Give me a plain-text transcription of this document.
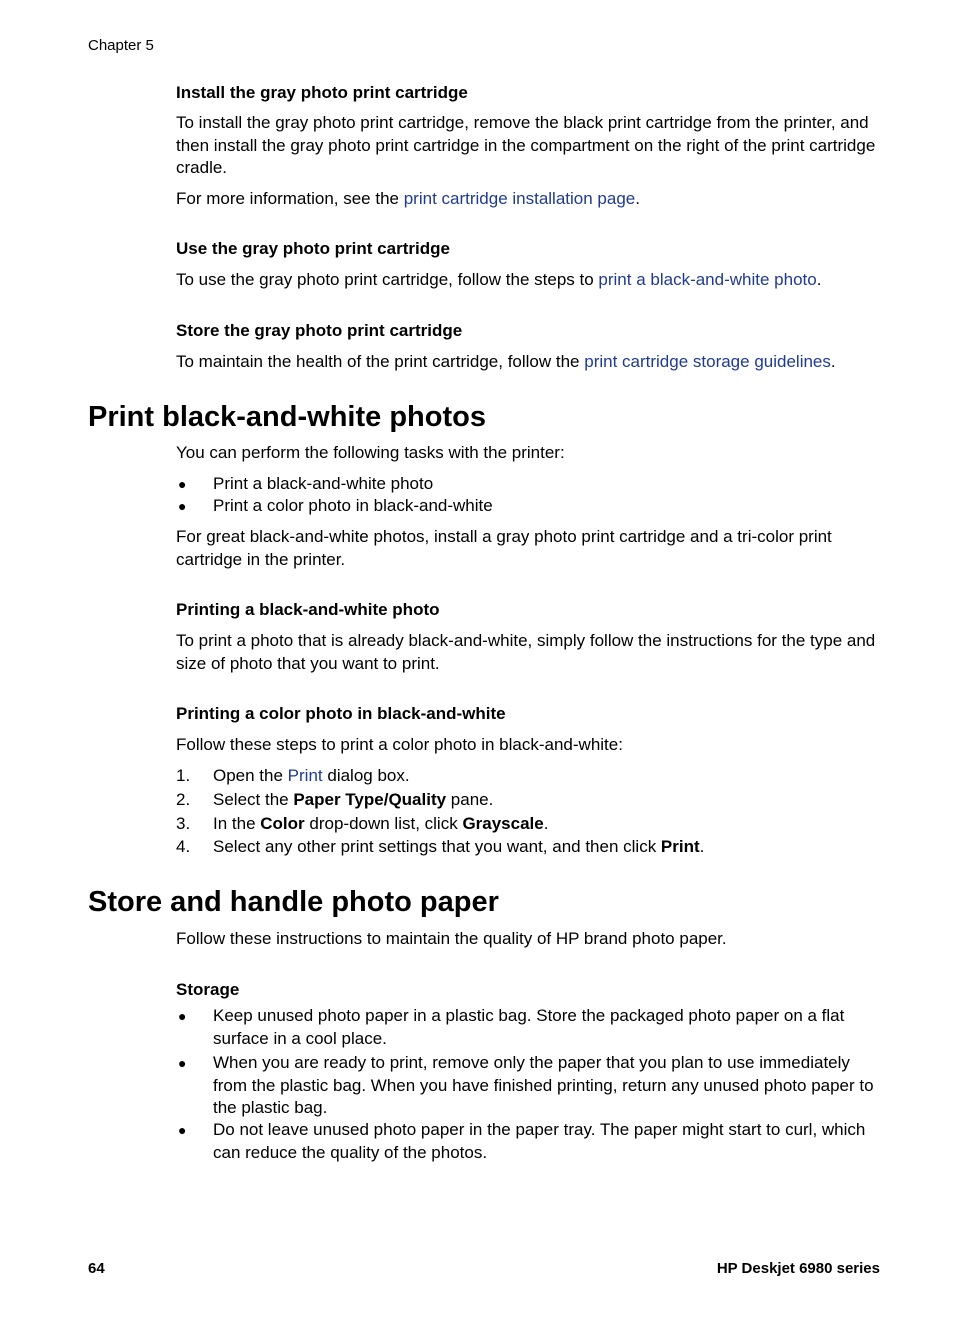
Chapter 5
Install the gray photo print cartridge
To install the gray photo print cartridge, remove the black print cartridge from the printer, and then install the gray photo print cartridge in the compartment on the right of the print cartridge cradle.
For more information, see the print cartridge installation page.
Use the gray photo print cartridge
To use the gray photo print cartridge, follow the steps to print a black-and-white photo.
Store the gray photo print cartridge
To maintain the health of the print cartridge, follow the print cartridge storage guidelines.
Print black-and-white photos
You can perform the following tasks with the printer:
● Print a black-and-white photo
● Print a color photo in black-and-white
For great black-and-white photos, install a gray photo print cartridge and a tri-color print cartridge in the printer.
Printing a black-and-white photo
To print a photo that is already black-and-white, simply follow the instructions for the type and size of photo that you want to print.
Printing a color photo in black-and-white
Follow these steps to print a color photo in black-and-white:
1.	Open the Print dialog box.
2.	Select the Paper Type/Quality pane.
3.	In the Color drop-down list, click Grayscale.
4.	Select any other print settings that you want, and then click Print.
Store and handle photo paper
Follow these instructions to maintain the quality of HP brand photo paper.
Storage
● Keep unused photo paper in a plastic bag. Store the packaged photo paper on a flat surface in a cool place.
● When you are ready to print, remove only the paper that you plan to use immediately from the plastic bag. When you have finished printing, return any unused photo paper to the plastic bag.
● Do not leave unused photo paper in the paper tray. The paper might start to curl, which can reduce the quality of the photos.
64	HP Deskjet 6980 series
